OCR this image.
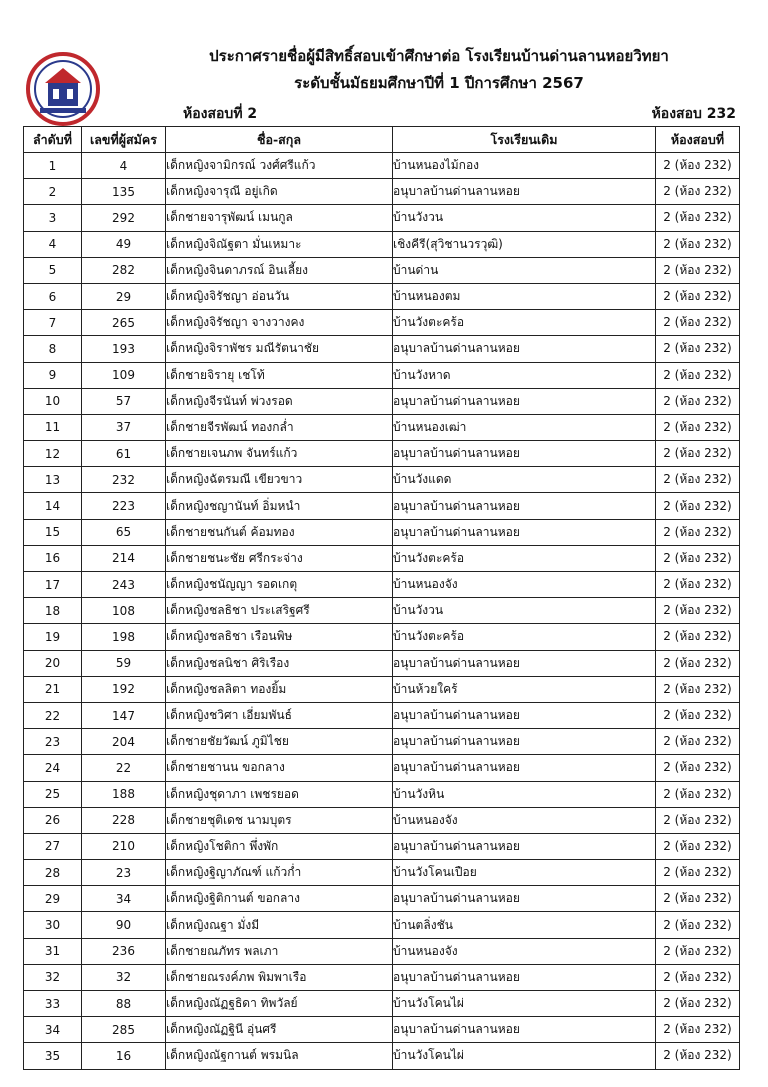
ประกาศรายชื่อผู้มีสิทธิ์สอบเข้าศึกษาต่อ โรงเรียนบ้านด่านลานหอยวิทยา
ระดับชั้นมัธยมศึกษาปีที่ 1 ปีการศึกษา 2567
ห้องสอบที่ 2	ห้องสอบ 232
ลำดับที่	เลขที่ผู้สมัคร	ชื่อ-สกุล	โรงเรียนเดิม	ห้องสอบที่
1	4	เด็กหญิงจามิกรณ์ วงศ์ศรีแก้ว	บ้านหนองไม้กอง	2 (ห้อง 232)
2	135	เด็กหญิงจารุณี อยู่เกิด	อนุบาลบ้านด่านลานหอย	2 (ห้อง 232)
3	292	เด็กชายจารุพัฒน์ เมนกูล	บ้านวังวน	2 (ห้อง 232)
4	49	เด็กหญิงจิณัฐตา มั่นเหมาะ	เชิงคีรี(สุวิชานวรวุฒิ)	2 (ห้อง 232)
5	282	เด็กหญิงจินดาภรณ์ อินเลี้ยง	บ้านด่าน	2 (ห้อง 232)
6	29	เด็กหญิงจิรัชญา อ่อนวัน	บ้านหนองตม	2 (ห้อง 232)
7	265	เด็กหญิงจิรัชญา จางวางคง	บ้านวังตะคร้อ	2 (ห้อง 232)
8	193	เด็กหญิงจิราพัชร มณีรัตนาชัย	อนุบาลบ้านด่านลานหอย	2 (ห้อง 232)
9	109	เด็กชายจิรายุ เชโท้	บ้านวังหาด	2 (ห้อง 232)
10	57	เด็กหญิงจีรนันท์ พ่วงรอด	อนุบาลบ้านด่านลานหอย	2 (ห้อง 232)
11	37	เด็กชายจีรพัฒน์ ทองกล่ำ	บ้านหนองเฒ่า	2 (ห้อง 232)
12	61	เด็กชายเจนภพ จันทร์แก้ว	อนุบาลบ้านด่านลานหอย	2 (ห้อง 232)
13	232	เด็กหญิงฉัตรมณี เขียวขาว	บ้านวังแดด	2 (ห้อง 232)
14	223	เด็กหญิงชญานันท์ อิ่มหนำ	อนุบาลบ้านด่านลานหอย	2 (ห้อง 232)
15	65	เด็กชายชนกันต์ ค้อมทอง	อนุบาลบ้านด่านลานหอย	2 (ห้อง 232)
16	214	เด็กชายชนะชัย ศรีกระจ่าง	บ้านวังตะคร้อ	2 (ห้อง 232)
17	243	เด็กหญิงชนัญญา รอดเกตุ	บ้านหนองจัง	2 (ห้อง 232)
18	108	เด็กหญิงชลธิชา ประเสริฐศรี	บ้านวังวน	2 (ห้อง 232)
19	198	เด็กหญิงชลธิชา เรือนพิษ	บ้านวังตะคร้อ	2 (ห้อง 232)
20	59	เด็กหญิงชลนิชา ศิริเรือง	อนุบาลบ้านด่านลานหอย	2 (ห้อง 232)
21	192	เด็กหญิงชลลิตา ทองยิ้ม	บ้านห้วยใคร้	2 (ห้อง 232)
22	147	เด็กหญิงชวิศา เอี่ยมพันธ์	อนุบาลบ้านด่านลานหอย	2 (ห้อง 232)
23	204	เด็กชายชัยวัฒน์ ภูมิไชย	อนุบาลบ้านด่านลานหอย	2 (ห้อง 232)
24	22	เด็กชายชานน ขอกลาง	อนุบาลบ้านด่านลานหอย	2 (ห้อง 232)
25	188	เด็กหญิงชุดาภา เพชรยอด	บ้านวังหิน	2 (ห้อง 232)
26	228	เด็กชายชุติเดช นามบุตร	บ้านหนองจัง	2 (ห้อง 232)
27	210	เด็กหญิงโชติกา พึ่งพัก	อนุบาลบ้านด่านลานหอย	2 (ห้อง 232)
28	23	เด็กหญิงฐิญาภัณฑ์ แก้วก่ำ	บ้านวังโคนเปือย	2 (ห้อง 232)
29	34	เด็กหญิงฐิติกานต์ ขอกลาง	อนุบาลบ้านด่านลานหอย	2 (ห้อง 232)
30	90	เด็กหญิงณฐา มั่งมี	บ้านตลิ่งชัน	2 (ห้อง 232)
31	236	เด็กชายณภัทร พลเภา	บ้านหนองจัง	2 (ห้อง 232)
32	32	เด็กชายณรงค์ภพ พิมพาเรือ	อนุบาลบ้านด่านลานหอย	2 (ห้อง 232)
33	88	เด็กหญิงณัฏฐธิดา ทิพวัลย์	บ้านวังโคนไผ่	2 (ห้อง 232)
34	285	เด็กหญิงณัฏฐินี อุ่นศรี	อนุบาลบ้านด่านลานหอย	2 (ห้อง 232)
35	16	เด็กหญิงณัฐกานต์ พรมนิล	บ้านวังโคนไผ่	2 (ห้อง 232)
